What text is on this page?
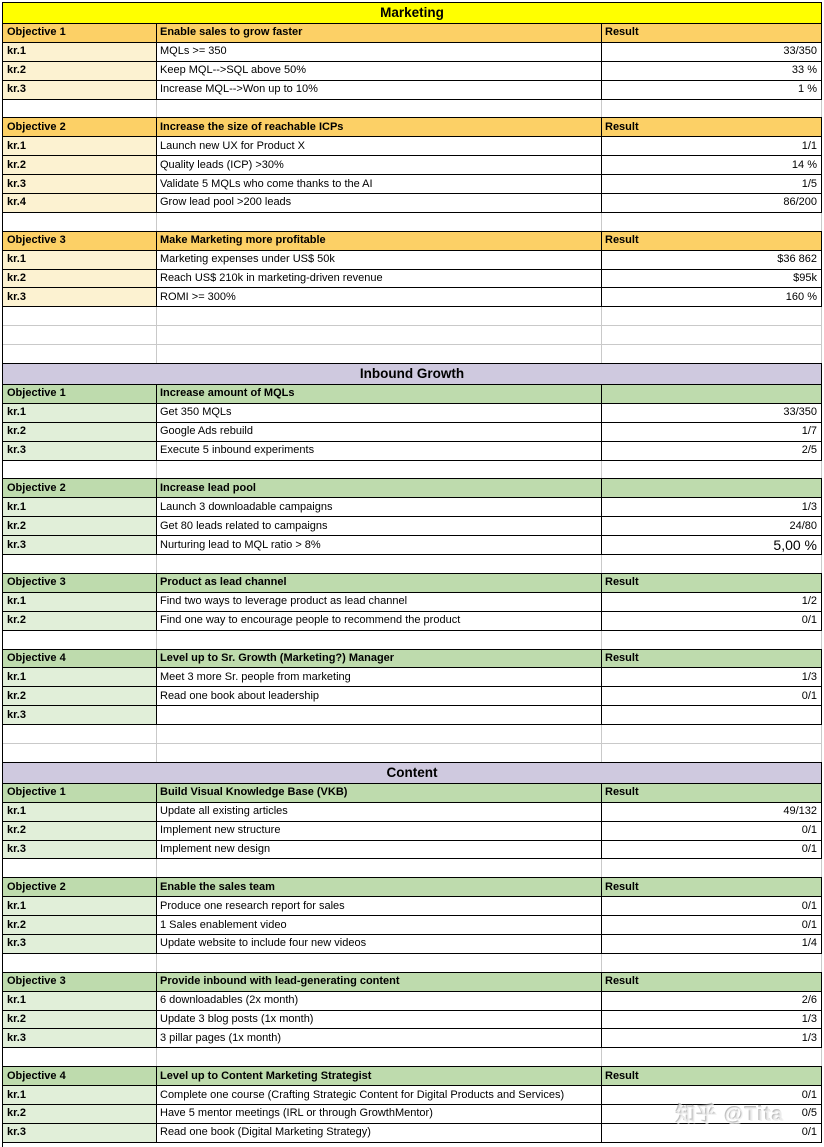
Marketing
Objective 1	Enable sales to grow faster	Result
kr.1	MQLs >= 350	33/350
kr.2	Keep MQL-->SQL above 50%	33 %
kr.3	Increase MQL-->Won up to 10%	1 %
Objective 2	Increase the size of reachable ICPs	Result
kr.1	Launch new UX for Product X	1/1
kr.2	Quality leads (ICP) >30%	14 %
kr.3	Validate 5 MQLs who come thanks to the AI	1/5
kr.4	Grow lead pool >200 leads	86/200
Objective 3	Make Marketing more profitable	Result
kr.1	Marketing expenses under US$ 50k	$36 862
kr.2	Reach US$ 210k in marketing-driven revenue	$95k
kr.3	ROMI >= 300%	160 %
Inbound Growth
Objective 1	Increase amount of MQLs
kr.1	Get 350 MQLs	33/350
kr.2	Google Ads rebuild	1/7
kr.3	Execute 5 inbound experiments	2/5
Objective 2	Increase lead pool
kr.1	Launch 3 downloadable campaigns	1/3
kr.2	Get 80 leads related to campaigns	24/80
kr.3	Nurturing lead to MQL ratio > 8%	5,00 %
Objective 3	Product as lead channel	Result
kr.1	Find two ways to leverage product as lead channel	1/2
kr.2	Find one way to encourage people to recommend the product	0/1
Objective 4	Level up to Sr. Growth (Marketing?) Manager	Result
kr.1	Meet 3 more Sr. people from marketing	1/3
kr.2	Read one book about leadership	0/1
kr.3
Content
Objective 1	Build Visual Knowledge Base (VKB)	Result
kr.1	Update all existing articles	49/132
kr.2	Implement new structure	0/1
kr.3	Implement new design	0/1
Objective 2	Enable the sales team	Result
kr.1	Produce one research report for sales	0/1
kr.2	1 Sales enablement video	0/1
kr.3	Update website to include four new videos	1/4
Objective 3	Provide inbound with lead-generating content	Result
kr.1	6 downloadables (2x month)	2/6
kr.2	Update 3 blog posts (1x month)	1/3
kr.3	3 pillar pages (1x month)	1/3
Objective 4	Level up to Content Marketing Strategist	Result
kr.1	Complete one course (Crafting Strategic Content for Digital Products and Services)	0/1
kr.2	Have 5 mentor meetings (IRL or through GrowthMentor)	0/5
kr.3	Read one book (Digital Marketing Strategy)	0/1
知乎 @Tita
